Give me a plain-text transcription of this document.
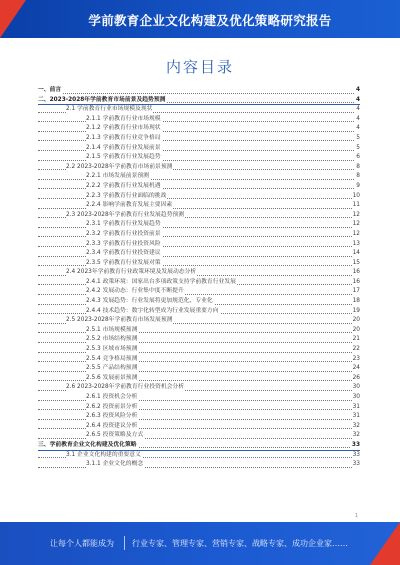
学前教育企业文化构建及优化策略研究报告
内容目录
一、前言	4
二、2023-2028年学前教育市场前景及趋势预测	4
2.1 学前教育行业市场规模及现状	4
2.1.1 学前教育行业市场规模	4
2.1.2 学前教育行业市场现状	4
2.1.3 学前教育行业竞争格局	5
2.1.4 学前教育行业发展前景	5
2.1.5 学前教育行业发展趋势	6
2.2 2023-2028年学前教育市场前景预测	8
2.2.1 市场发展前景预测	8
2.2.2 学前教育行业发展机遇	9
2.2.3 学前教育行业面临的挑战	10
2.2.4 影响学前教育发展主要因素	11
2.3 2023-2028年学前教育行业发展趋势预测	12
2.3.1 学前教育行业发展趋势	12
2.3.2 学前教育行业投资前景	12
2.3.3 学前教育行业投资风险	13
2.3.4 学前教育行业投资建议	14
2.3.5 学前教育行业发展对策	15
2.4 2023年学前教育行业政策环境及发展动态分析	16
2.4.1 政策环境：国家出台多项政策支持学前教育行业发展	16
2.4.2 发展动态：行业集中度不断提升	17
2.4.3 发展趋势：行业发展将更加规范化、专业化	18
2.4.4 技术趋势：数字化转型成为行业发展重要方向	19
2.5 2023-2028年学前教育市场发展预测	20
2.5.1 市场规模预测	20
2.5.2 市场结构预测	21
2.5.3 区域市场预测	22
2.5.4 竞争格局预测	23
2.5.5 产品结构预测	24
2.5.6 发展前景预测	26
2.6 2023-2028年学前教育行业投资机会分析	30
2.6.1 投资机会分析	30
2.6.2 投资前景分析	31
2.6.3 投资风险分析	31
2.6.4 投资建议分析	32
2.6.5 投资策略及方式	32
三、学前教育企业文化构建及优化策略	33
3.1 企业文化构建的重要意义	33
3.1.1 企业文化的概念	33
1
让每个人都能成为 行业专家、管理专家、营销专家、战略专家、成功企业家……
